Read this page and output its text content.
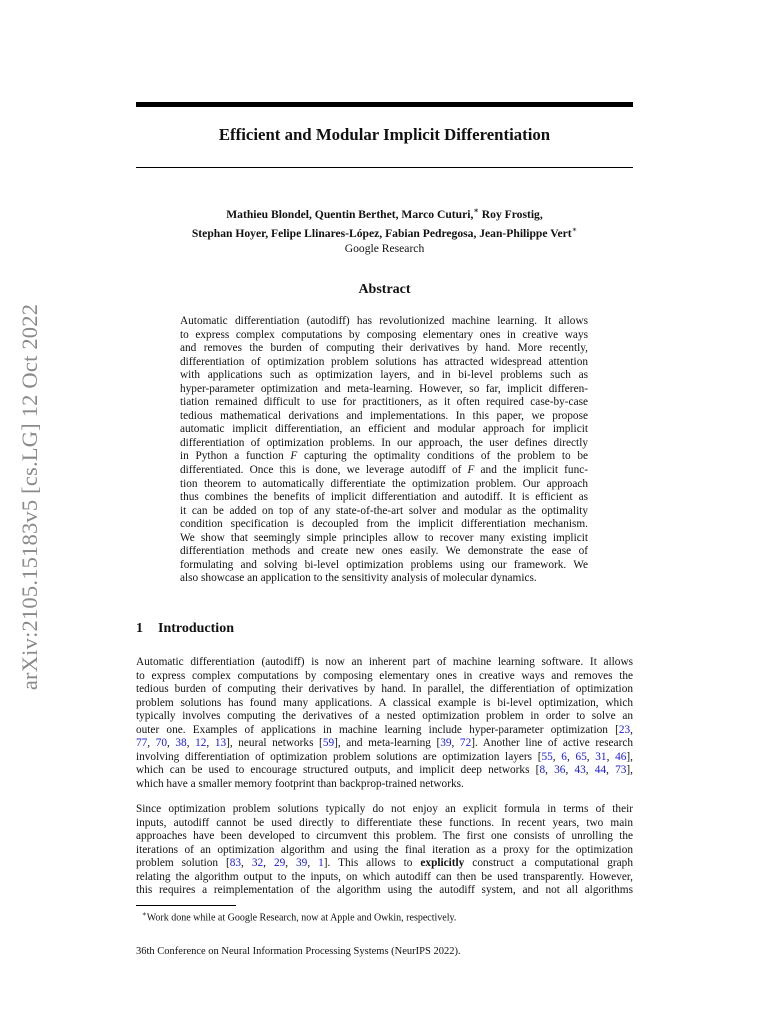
arXiv:2105.15183v5 [cs.LG] 12 Oct 2022
Efficient and Modular Implicit Differentiation
Mathieu Blondel, Quentin Berthet, Marco Cuturi,∗ Roy Frostig,
Stephan Hoyer, Felipe Llinares-López, Fabian Pedregosa, Jean-Philippe Vert∗
Google Research
Abstract
Automatic differentiation (autodiff) has revolutionized machine learning. It allows
to express complex computations by composing elementary ones in creative ways
and removes the burden of computing their derivatives by hand. More recently,
differentiation of optimization problem solutions has attracted widespread attention
with applications such as optimization layers, and in bi-level problems such as
hyper-parameter optimization and meta-learning. However, so far, implicit differen-
tiation remained difficult to use for practitioners, as it often required case-by-case
tedious mathematical derivations and implementations. In this paper, we propose
automatic implicit differentiation, an efficient and modular approach for implicit
differentiation of optimization problems. In our approach, the user defines directly
in Python a function F capturing the optimality conditions of the problem to be
differentiated. Once this is done, we leverage autodiff of F and the implicit func-
tion theorem to automatically differentiate the optimization problem. Our approach
thus combines the benefits of implicit differentiation and autodiff. It is efficient as
it can be added on top of any state-of-the-art solver and modular as the optimality
condition specification is decoupled from the implicit differentiation mechanism.
We show that seemingly simple principles allow to recover many existing implicit
differentiation methods and create new ones easily. We demonstrate the ease of
formulating and solving bi-level optimization problems using our framework. We
also showcase an application to the sensitivity analysis of molecular dynamics.
1 Introduction
Automatic differentiation (autodiff) is now an inherent part of machine learning software. It allows
to express complex computations by composing elementary ones in creative ways and removes the
tedious burden of computing their derivatives by hand. In parallel, the differentiation of optimization
problem solutions has found many applications. A classical example is bi-level optimization, which
typically involves computing the derivatives of a nested optimization problem in order to solve an
outer one. Examples of applications in machine learning include hyper-parameter optimization [23,
77, 70, 38, 12, 13], neural networks [59], and meta-learning [39, 72]. Another line of active research
involving differentiation of optimization problem solutions are optimization layers [55, 6, 65, 31, 46],
which can be used to encourage structured outputs, and implicit deep networks [8, 36, 43, 44, 73],
which have a smaller memory footprint than backprop-trained networks.
Since optimization problem solutions typically do not enjoy an explicit formula in terms of their
inputs, autodiff cannot be used directly to differentiate these functions. In recent years, two main
approaches have been developed to circumvent this problem. The first one consists of unrolling the
iterations of an optimization algorithm and using the final iteration as a proxy for the optimization
problem solution [83, 32, 29, 39, 1]. This allows to explicitly construct a computational graph
relating the algorithm output to the inputs, on which autodiff can then be used transparently. However,
this requires a reimplementation of the algorithm using the autodiff system, and not all algorithms
∗Work done while at Google Research, now at Apple and Owkin, respectively.
36th Conference on Neural Information Processing Systems (NeurIPS 2022).
